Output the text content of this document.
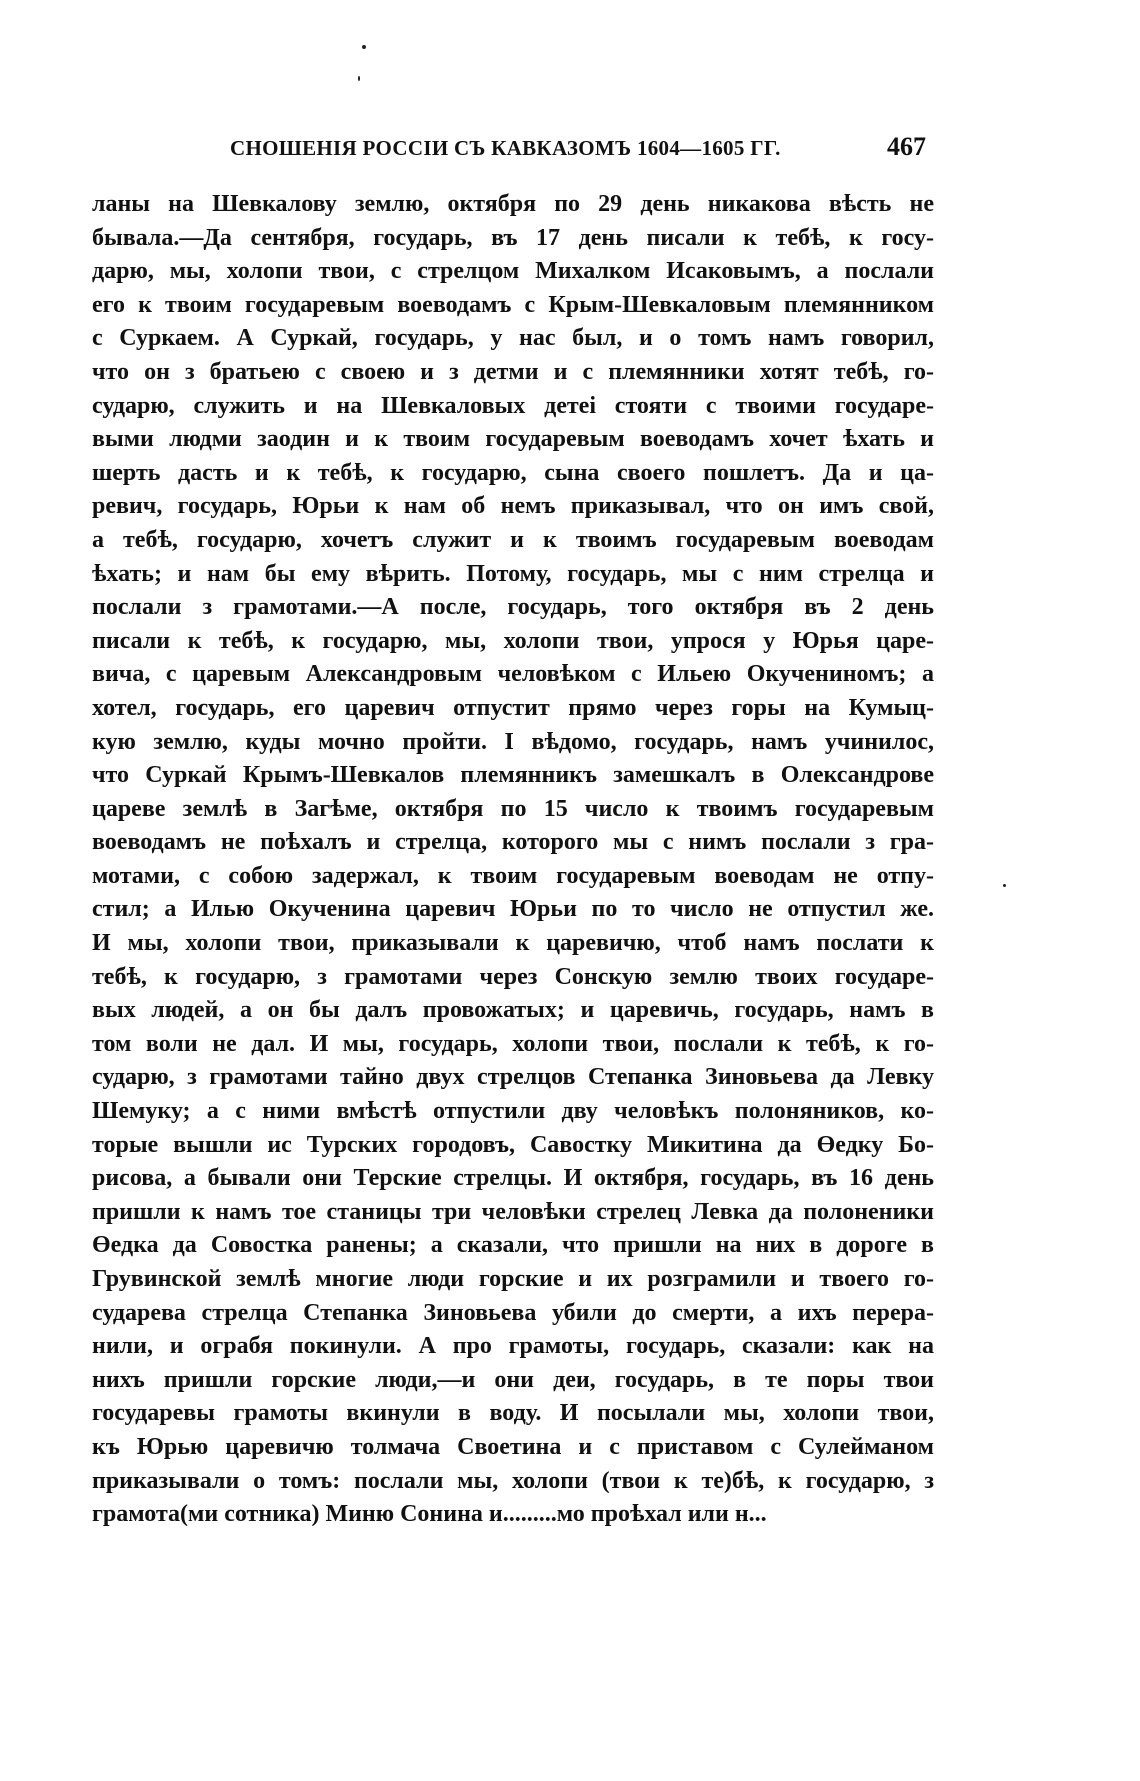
СНОШЕНІЯ РОССІИ СЪ КАВКАЗОМЪ 1604—1605 ГГ.	467
ланы на Шевкалову землю, октября по 29 день никакова вѣсть не
бывала.—Да сентября, государь, въ 17 день писали к тебѣ, к госу-
дарю, мы, холопи твои, с стрелцом Михалком Исаковымъ, а послали
его к твоим государевым воеводамъ с Крым-Шевкаловым племянником
с Суркаем. А Суркай, государь, у нас был, и о томъ намъ говорил,
что он з братьею с своею и з детми и с племянники хотят тебѣ, го-
сударю, служить и на Шевкаловых детеі стояти с твоими государе-
выми людми заодин и к твоим государевым воеводамъ хочет ѣхать и
шерть дасть и к тебѣ, к государю, сына своего пошлетъ. Да и ца-
ревич, государь, Юрьи к нам об немъ приказывал, что он имъ свой,
а тебѣ, государю, хочетъ служит и к твоимъ государевым воеводам
ѣхать; и нам бы ему вѣрить. Потому, государь, мы с ним стрелца и
послали з грамотами.—А после, государь, того октября въ 2 день
писали к тебѣ, к государю, мы, холопи твои, упрося у Юрья царе-
вича, с царевым Александровым человѣком с Ильею Окучениномъ; а
хотел, государь, его царевич отпустит прямо через горы на Кумыц-
кую землю, куды мочно пройти. І вѣдомо, государь, намъ учинилос,
что Суркай Крымъ-Шевкалов племянникъ замешкалъ в Олександрове
цареве землѣ в Загѣме, октября по 15 число к твоимъ государевым
воеводамъ не поѣхалъ и стрелца, которого мы с нимъ послали з гра-
мотами, с собою задержал, к твоим государевым воеводам не отпу-
стил; а Илью Окученина царевич Юрьи по то число не отпустил же.
И мы, холопи твои, приказывали к царевичю, чтоб намъ послати к
тебѣ, к государю, з грамотами через Сонскую землю твоих государе-
вых людей, а он бы далъ провожатых; и царевичь, государь, намъ в
том воли не дал. И мы, государь, холопи твои, послали к тебѣ, к го-
сударю, з грамотами тайно двух стрелцов Степанка Зиновьева да Левку
Шемуку; а с ними вмѣстѣ отпустили дву человѣкъ полоняников, ко-
торые вышли ис Турских городовъ, Савостку Микитина да Өедку Бо-
рисова, а бывали они Терские стрелцы. И октября, государь, въ 16 день
пришли к намъ тое станицы три человѣки стрелец Левка да полоненики
Өедка да Совостка ранены; а сказали, что пришли на них в дороге в
Грувинской землѣ многие люди горские и их розграмили и твоего го-
сударева стрелца Степанка Зиновьева убили до смерти, а ихъ перера-
нили, и ограбя покинули. А про грамоты, государь, сказали: как на
нихъ пришли горские люди,—и они деи, государь, в те поры твои
государевы грамоты вкинули в воду. И посылали мы, холопи твои,
къ Юрью царевичю толмача Своетина и с приставом с Сулейманом
приказывали о томъ: послали мы, холопи (твои к те)бѣ, к государю, з
грамота(ми сотника) Миню Сонина и.........мо проѣхал или н...
